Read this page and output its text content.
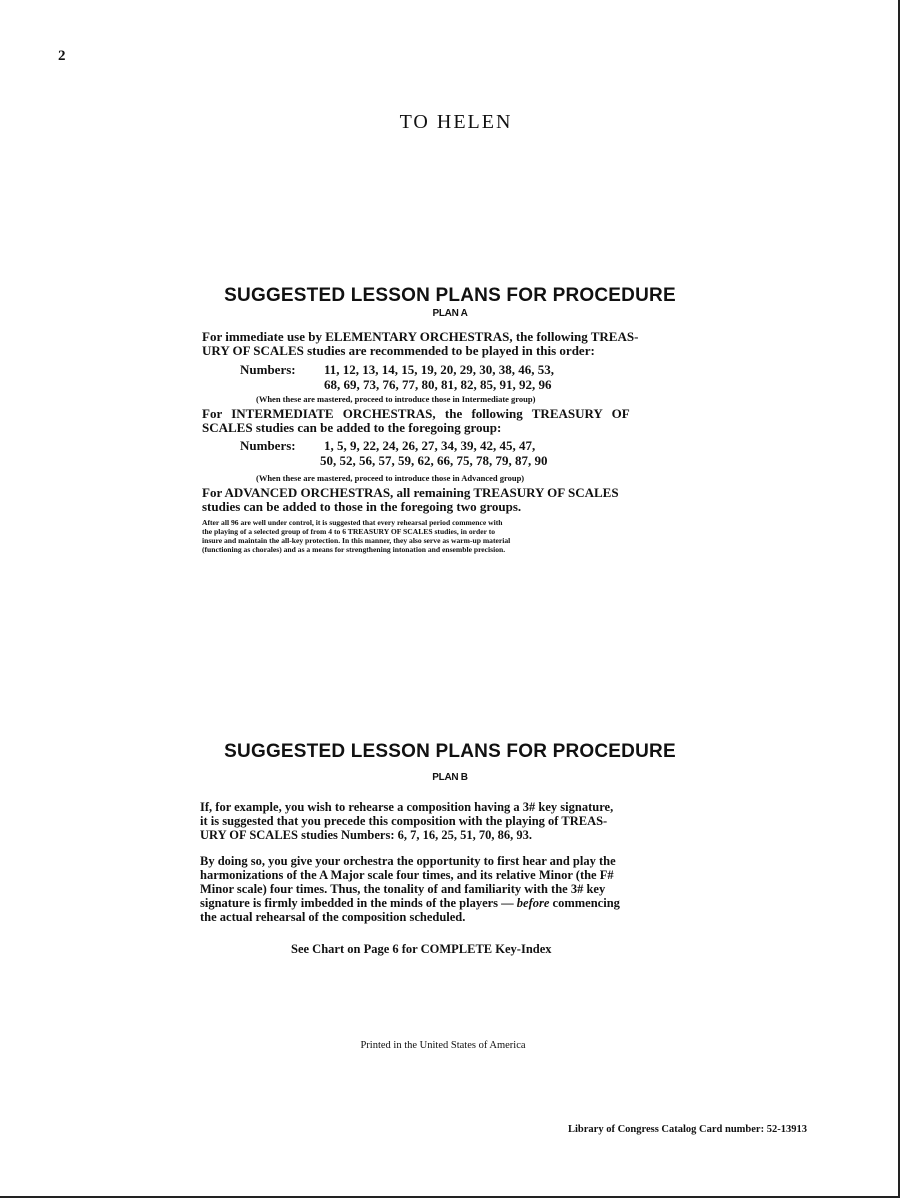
2
TO HELEN
SUGGESTED LESSON PLANS FOR PROCEDURE
PLAN A
For immediate use by ELEMENTARY ORCHESTRAS, the following TREAS-
URY OF SCALES studies are recommended to be played in this order:
Numbers:	11, 12, 13, 14, 15, 19, 20, 29, 30, 38, 46, 53,
68, 69, 73, 76, 77, 80, 81, 82, 85, 91, 92, 96
(When these are mastered, proceed to introduce those in Intermediate group)
For INTERMEDIATE ORCHESTRAS, the following TREASURY OF
SCALES studies can be added to the foregoing group:
Numbers:	1, 5, 9, 22, 24, 26, 27, 34, 39, 42, 45, 47,
50, 52, 56, 57, 59, 62, 66, 75, 78, 79, 87, 90
(When these are mastered, proceed to introduce those in Advanced group)
For ADVANCED ORCHESTRAS, all remaining TREASURY OF SCALES
studies can be added to those in the foregoing two groups.
After all 96 are well under control, it is suggested that every rehearsal period commence with
the playing of a selected group of from 4 to 6 TREASURY OF SCALES studies, in order to
insure and maintain the all-key protection. In this manner, they also serve as warm-up material
(functioning as chorales) and as a means for strengthening intonation and ensemble precision.
SUGGESTED LESSON PLANS FOR PROCEDURE
PLAN B
If, for example, you wish to rehearse a composition having a 3# key signature,
it is suggested that you precede this composition with the playing of TREAS-
URY OF SCALES studies Numbers: 6, 7, 16, 25, 51, 70, 86, 93.
By doing so, you give your orchestra the opportunity to first hear and play the
harmonizations of the A Major scale four times, and its relative Minor (the F#
Minor scale) four times. Thus, the tonality of and familiarity with the 3# key
signature is firmly imbedded in the minds of the players — before commencing
the actual rehearsal of the composition scheduled.
See Chart on Page 6 for COMPLETE Key-Index
Printed in the United States of America
Library of Congress Catalog Card number: 52-13913
